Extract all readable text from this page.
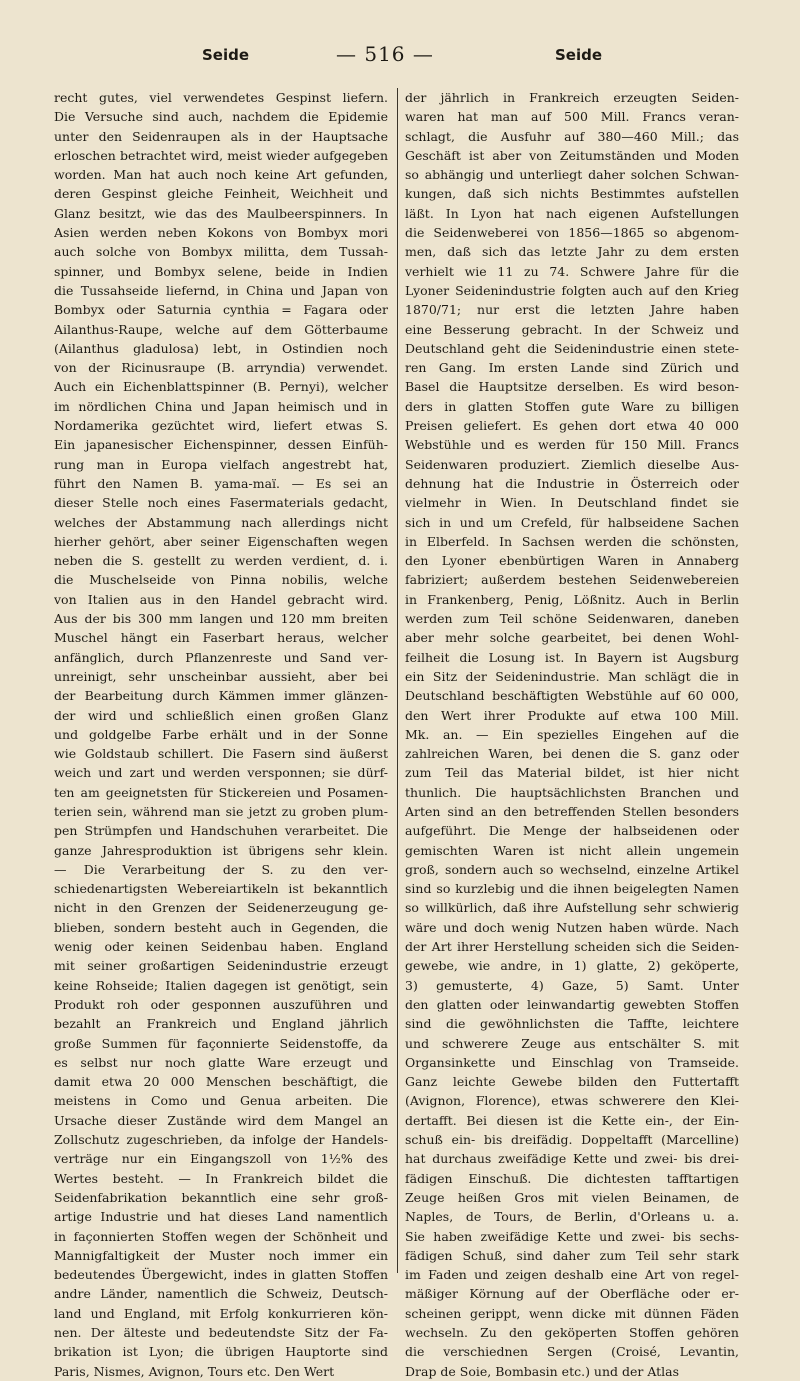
Seide	— 516 —	Seide
recht gutes, viel verwendetes Gespinst liefern.
Die Versuche sind auch, nachdem die Epidemie
unter den Seidenraupen als in der Hauptsache
erloschen betrachtet wird, meist wieder aufgegeben
worden. Man hat auch noch keine Art gefunden,
deren Gespinst gleiche Feinheit, Weichheit und
Glanz besitzt, wie das des Maulbeerspinners. In
Asien werden neben Kokons von Bombyx mori
auch solche von Bombyx militta, dem Tussah-
spinner, und Bombyx selene, beide in Indien
die Tussahseide liefernd, in China und Japan von
Bombyx oder Saturnia cynthia = Fagara oder
Ailanthus-Raupe, welche auf dem Götterbaume
(Ailanthus gladulosa) lebt, in Ostindien noch
von der Ricinusraupe (B. arryndia) verwendet.
Auch ein Eichenblattspinner (B. Pernyi), welcher
im nördlichen China und Japan heimisch und in
Nordamerika gezüchtet wird, liefert etwas S.
Ein japanesischer Eichenspinner, dessen Einfüh-
rung man in Europa vielfach angestrebt hat,
führt den Namen B. yama-maï. — Es sei an
dieser Stelle noch eines Fasermaterials gedacht,
welches der Abstammung nach allerdings nicht
hierher gehört, aber seiner Eigenschaften wegen
neben die S. gestellt zu werden verdient, d. i.
die Muschelseide von Pinna nobilis, welche
von Italien aus in den Handel gebracht wird.
Aus der bis 300 mm langen und 120 mm breiten
Muschel hängt ein Faserbart heraus, welcher
anfänglich, durch Pflanzenreste und Sand ver-
unreinigt, sehr unscheinbar aussieht, aber bei
der Bearbeitung durch Kämmen immer glänzen-
der wird und schließlich einen großen Glanz
und goldgelbe Farbe erhält und in der Sonne
wie Goldstaub schillert. Die Fasern sind äußerst
weich und zart und werden versponnen; sie dürf-
ten am geeignetsten für Stickereien und Posamen-
terien sein, während man sie jetzt zu groben plum-
pen Strümpfen und Handschuhen verarbeitet. Die
ganze Jahresproduktion ist übrigens sehr klein.
— Die Verarbeitung der S. zu den ver-
schiedenartigsten Webereiartikeln ist bekanntlich
nicht in den Grenzen der Seidenerzeugung ge-
blieben, sondern besteht auch in Gegenden, die
wenig oder keinen Seidenbau haben. England
mit seiner großartigen Seidenindustrie erzeugt
keine Rohseide; Italien dagegen ist genötigt, sein
Produkt roh oder gesponnen auszuführen und
bezahlt an Frankreich und England jährlich
große Summen für façonnierte Seidenstoffe, da
es selbst nur noch glatte Ware erzeugt und
damit etwa 20 000 Menschen beschäftigt, die
meistens in Como und Genua arbeiten. Die
Ursache dieser Zustände wird dem Mangel an
Zollschutz zugeschrieben, da infolge der Handels-
verträge nur ein Eingangszoll von 1½% des
Wertes besteht. — In Frankreich bildet die
Seidenfabrikation bekanntlich eine sehr groß-
artige Industrie und hat dieses Land namentlich
in façonnierten Stoffen wegen der Schönheit und
Mannigfaltigkeit der Muster noch immer ein
bedeutendes Übergewicht, indes in glatten Stoffen
andre Länder, namentlich die Schweiz, Deutsch-
land und England, mit Erfolg konkurrieren kön-
nen. Der älteste und bedeutendste Sitz der Fa-
brikation ist Lyon; die übrigen Hauptorte sind
Paris, Nismes, Avignon, Tours etc. Den Wert
der jährlich in Frankreich erzeugten Seiden-
waren hat man auf 500 Mill. Francs veran-
schlagt, die Ausfuhr auf 380—460 Mill.; das
Geschäft ist aber von Zeitumständen und Moden
so abhängig und unterliegt daher solchen Schwan-
kungen, daß sich nichts Bestimmtes aufstellen
läßt. In Lyon hat nach eigenen Aufstellungen
die Seidenweberei von 1856—1865 so abgenom-
men, daß sich das letzte Jahr zu dem ersten
verhielt wie 11 zu 74. Schwere Jahre für die
Lyoner Seidenindustrie folgten auch auf den Krieg
1870/71; nur erst die letzten Jahre haben
eine Besserung gebracht. In der Schweiz und
Deutschland geht die Seidenindustrie einen stete-
ren Gang. Im ersten Lande sind Zürich und
Basel die Hauptsitze derselben. Es wird beson-
ders in glatten Stoffen gute Ware zu billigen
Preisen geliefert. Es gehen dort etwa 40 000
Webstühle und es werden für 150 Mill. Francs
Seidenwaren produziert. Ziemlich dieselbe Aus-
dehnung hat die Industrie in Österreich oder
vielmehr in Wien. In Deutschland findet sie
sich in und um Crefeld, für halbseidene Sachen
in Elberfeld. In Sachsen werden die schönsten,
den Lyoner ebenbürtigen Waren in Annaberg
fabriziert; außerdem bestehen Seidenwebereien
in Frankenberg, Penig, Lößnitz. Auch in Berlin
werden zum Teil schöne Seidenwaren, daneben
aber mehr solche gearbeitet, bei denen Wohl-
feilheit die Losung ist. In Bayern ist Augsburg
ein Sitz der Seidenindustrie. Man schlägt die in
Deutschland beschäftigten Webstühle auf 60 000,
den Wert ihrer Produkte auf etwa 100 Mill.
Mk. an. — Ein spezielles Eingehen auf die
zahlreichen Waren, bei denen die S. ganz oder
zum Teil das Material bildet, ist hier nicht
thunlich. Die hauptsächlichsten Branchen und
Arten sind an den betreffenden Stellen besonders
aufgeführt. Die Menge der halbseidenen oder
gemischten Waren ist nicht allein ungemein
groß, sondern auch so wechselnd, einzelne Artikel
sind so kurzlebig und die ihnen beigelegten Namen
so willkürlich, daß ihre Aufstellung sehr schwierig
wäre und doch wenig Nutzen haben würde. Nach
der Art ihrer Herstellung scheiden sich die Seiden-
gewebe, wie andre, in 1) glatte, 2) geköperte,
3) gemusterte, 4) Gaze, 5) Samt. Unter
den glatten oder leinwandartig gewebten Stoffen
sind die gewöhnlichsten die Taffte, leichtere
und schwerere Zeuge aus entschälter S. mit
Organsinkette und Einschlag von Tramseide.
Ganz leichte Gewebe bilden den Futtertafft
(Avignon, Florence), etwas schwerere den Klei-
dertafft. Bei diesen ist die Kette ein-, der Ein-
schuß ein- bis dreifädig. Doppeltafft (Marcelline)
hat durchaus zweifädige Kette und zwei- bis drei-
fädigen Einschuß. Die dichtesten tafftartigen
Zeuge heißen Gros mit vielen Beinamen, de
Naples, de Tours, de Berlin, d'Orleans u. a.
Sie haben zweifädige Kette und zwei- bis sechs-
fädigen Schuß, sind daher zum Teil sehr stark
im Faden und zeigen deshalb eine Art von regel-
mäßiger Körnung auf der Oberfläche oder er-
scheinen gerippt, wenn dicke mit dünnen Fäden
wechseln. Zu den geköperten Stoffen gehören
die verschiednen Sergen (Croisé, Levantin,
Drap de Soie, Bombasin etc.) und der Atlas
